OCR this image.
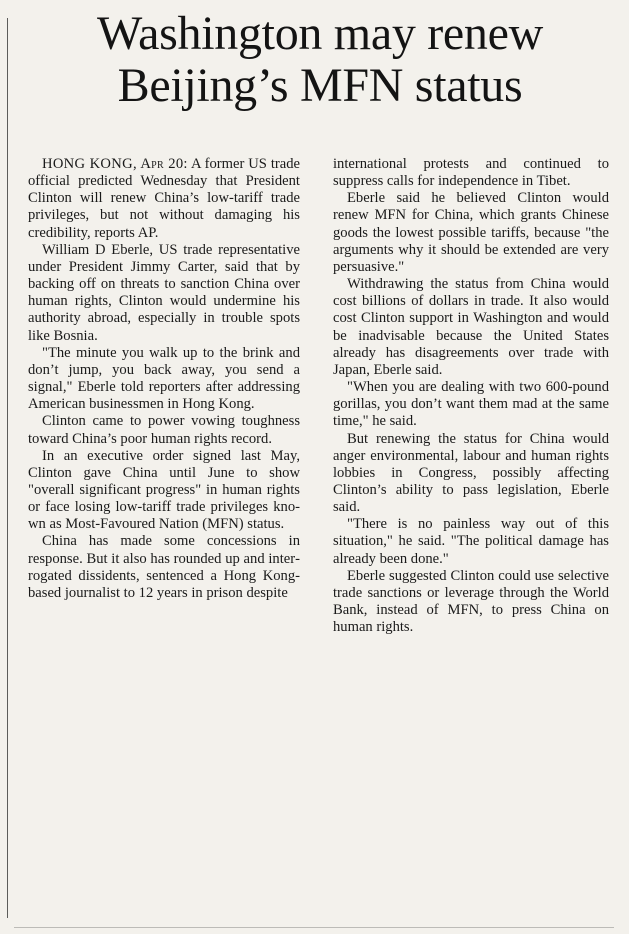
Washington may renew
Beijing’s MFN status

HONG KONG, Apr 20: A former US trade official predicted Wednesday that President Clinton will renew China’s low-tariff trade privileges, but not without damaging his credibility, reports AP.

William D Eberle, US trade representative under President Jimmy Carter, said that by backing off on threats to sanction China over human rights, Clinton would undermine his authority abroad, especially in trouble spots like Bosnia.

"The minute you walk up to the brink and don’t jump, you back away, you send a signal," Eberle told reporters after addressing American businessmen in Hong Kong.

Clinton came to power vowing toughness toward China’s poor human rights record.

In an executive order signed last May, Clinton gave China until June to show "overall significant progress" in human rights or face losing low-tariff trade privileges known as Most-Favoured Nation (MFN) status.

China has made some concessions in response. But it also has rounded up and interrogated dissidents, sentenced a Hong Kong-based journalist to 12 years in prison despite

international protests and continued to suppress calls for independence in Tibet.

Eberle said he believed Clinton would renew MFN for China, which grants Chinese goods the lowest possible tariffs, because "the arguments why it should be extended are very persuasive."

Withdrawing the status from China would cost billions of dollars in trade. It also would cost Clinton support in Washington and would be inadvisable because the United States already has disagreements over trade with Japan, Eberle said.

"When you are dealing with two 600-pound gorillas, you don’t want them mad at the same time," he said.

But renewing the status for China would anger environmental, labour and human rights lobbies in Congress, possibly affecting Clinton’s ability to pass legislation, Eberle said.

"There is no painless way out of this situation," he said. "The political damage has already been done."

Eberle suggested Clinton could use selective trade sanctions or leverage through the World Bank, instead of MFN, to press China on human rights.
